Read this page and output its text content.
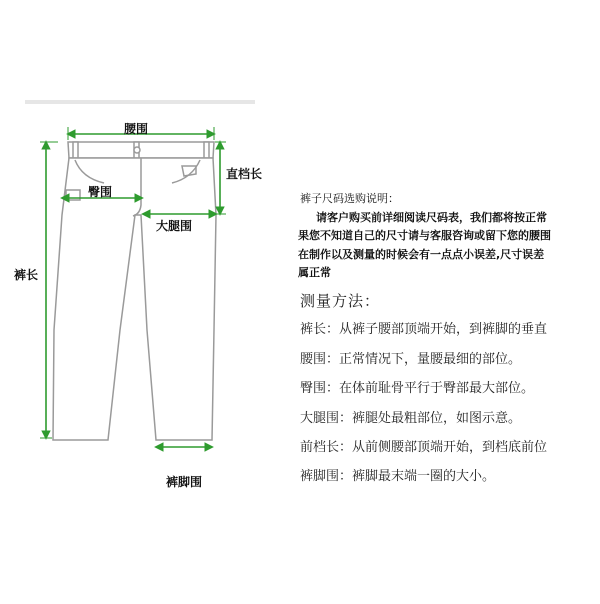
腰围
直档长
臀围
大腿围
裤长
裤脚围
裤子尺码选购说明：
请客户购买前详细阅读尺码表，我们都将按正常
果您不知道自己的尺寸请与客服咨询或留下您的腰围
在制作以及测量的时候会有一点点小误差,尺寸误差
属正常
测量方法：
裤长：从裤子腰部顶端开始，到裤脚的垂直
腰围：正常情况下，量腰最细的部位。
臀围：在体前耻骨平行于臀部最大部位。
大腿围：裤腿处最粗部位，如图示意。
前档长：从前侧腰部顶端开始，到档底前位
裤脚围：裤脚最末端一圈的大小。
